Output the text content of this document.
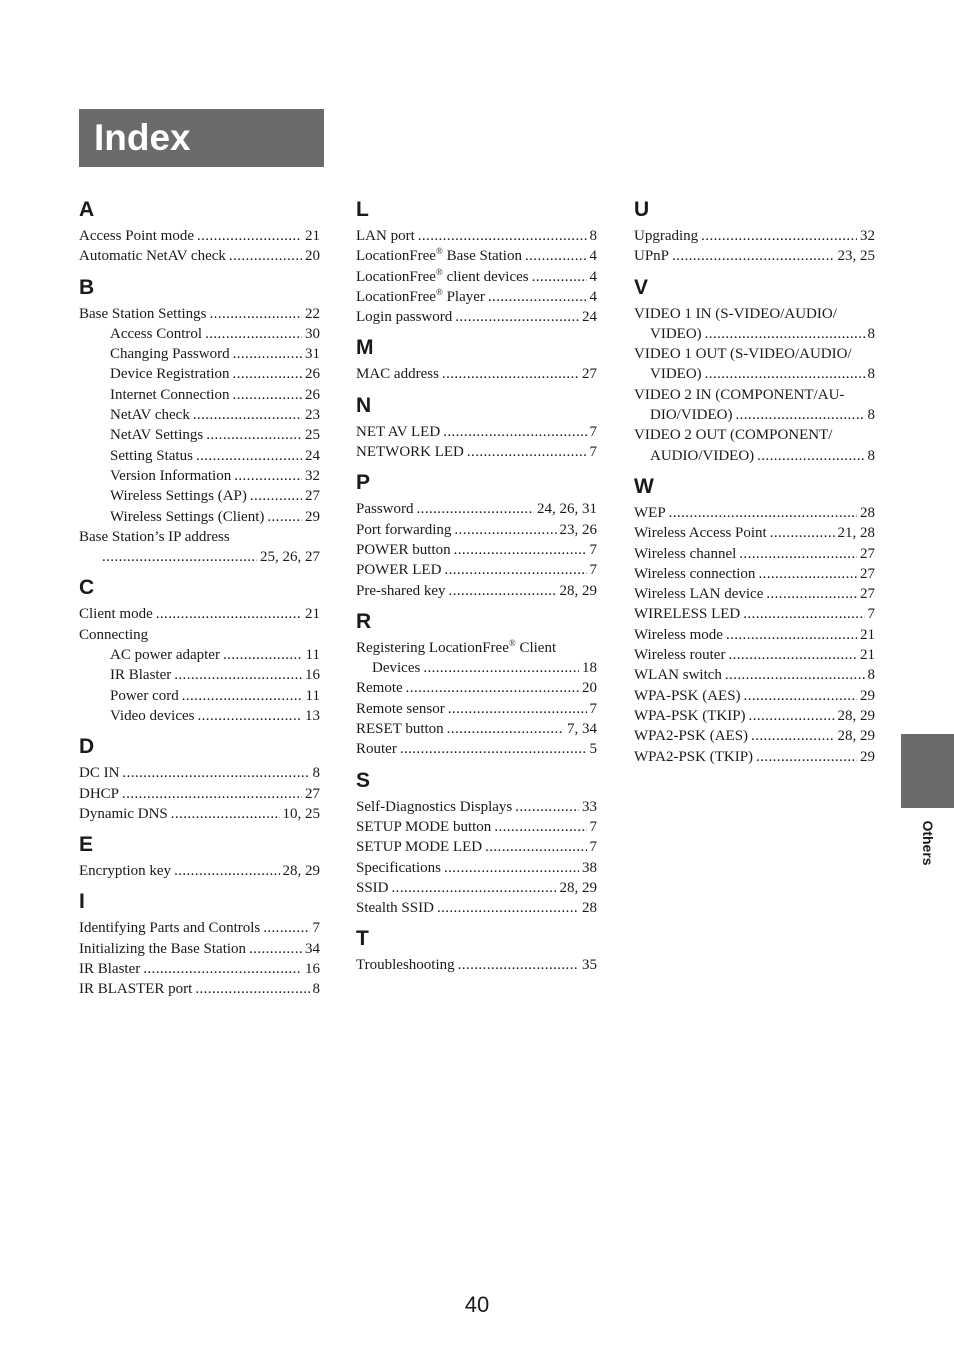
Index
A
Access Point mode .....	21
Automatic NetAV check .....	20
B
Base Station Settings .....	22
Access Control .....	30
Changing Password .....	31
Device Registration .....	26
Internet Connection .....	26
NetAV check .....	23
NetAV Settings .....	25
Setting Status .....	24
Version Information .....	32
Wireless Settings (AP) .....	27
Wireless Settings (Client) .....	29
Base Station’s IP address
.....
25, 26, 27
C
Client mode .....	21
Connecting
AC power adapter .....	11
IR Blaster .....	16
Power cord .....	11
Video devices .....	13
D
DC IN .....	8
DHCP .....	27
Dynamic DNS .....	10, 25
E
Encryption key .....	28, 29
I
Identifying Parts and Controls .....	7
Initializing the Base Station .....	34
IR Blaster .....	16
IR BLASTER port .....	8
L
LAN port .....	8
LocationFree® Base Station .....	4
LocationFree® client devices .....	4
LocationFree® Player .....	4
Login password .....	24
M
MAC address .....	27
N
NET AV LED .....	7
NETWORK LED .....	7
P
Password .....	24, 26, 31
Port forwarding .....	23, 26
POWER button .....	7
POWER LED .....	7
Pre-shared key .....	28, 29
R
Registering LocationFree® Client
Devices .....	18
Remote .....	20
Remote sensor .....	7
RESET button .....	7, 34
Router .....	5
S
Self-Diagnostics Displays .....	33
SETUP MODE button .....	7
SETUP MODE LED .....	7
Specifications .....	38
SSID .....	28, 29
Stealth SSID .....	28
T
Troubleshooting .....	35
U
Upgrading .....	32
UPnP .....	23, 25
V
VIDEO 1 IN (S-VIDEO/AUDIO/
VIDEO) .....	8
VIDEO 1 OUT (S-VIDEO/AUDIO/
VIDEO) .....	8
VIDEO 2 IN (COMPONENT/AU-
DIO/VIDEO) .....	8
VIDEO 2 OUT (COMPONENT/
AUDIO/VIDEO) .....	8
W
WEP .....	28
Wireless Access Point .....	21, 28
Wireless channel .....	27
Wireless connection .....	27
Wireless LAN device .....	27
WIRELESS LED .....	7
Wireless mode .....	21
Wireless router .....	21
WLAN switch .....	8
WPA-PSK (AES) .....	29
WPA-PSK (TKIP) .....	28, 29
WPA2-PSK (AES) .....	28, 29
WPA2-PSK (TKIP) .....	29
Others
40
